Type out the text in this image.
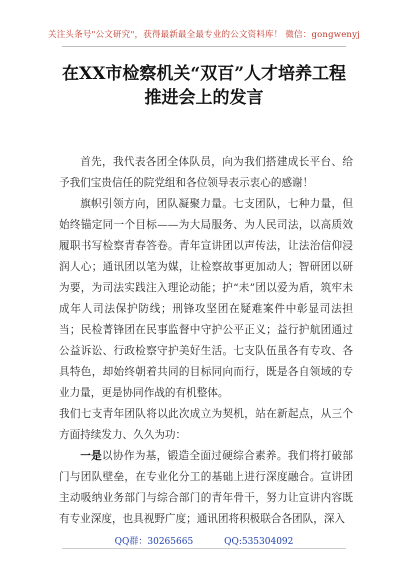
关注头条号"公文研究"，获得最新最全最专业的公文资料库！ 微信：gongwenyj
在XX市检察机关“双百”人才培养工程
推进会上的发言

首先，我代表各团全体队员，向为我们搭建成长平台、给予我们宝贵信任的院党组和各位领导表示衷心的感谢！

旗帜引领方向，团队凝聚力量。七支团队，七种力量，但始终锚定同一个目标——为大局服务、为人民司法，以高质效履职书写检察青春答卷。青年宣讲团以声传法，让法治信仰浸润人心；通讯团以笔为媒，让检察故事更加动人；智研团以研为要，为司法实践注入理论动能；护“未”团以爱为盾，筑牢未成年人司法保护防线；刑锋攻坚团在疑难案件中彰显司法担当；民检菁锋团在民事监督中守护公平正义；益行护航团通过公益诉讼、行政检察守护美好生活。七支队伍虽各有专攻、各具特色，却始终朝着共同的目标同向而行，既是各自领域的专业力量，更是协同作战的有机整体。

我们七支青年团队将以此次成立为契机，站在新起点，从三个方面持续发力、久久为功：

一是以协作为基，锻造全面过硬综合素养。我们将打破部门与团队壁垒，在专业化分工的基础上进行深度融合。宣讲团主动吸纳业务部门与综合部门的青年骨干，努力让宣讲内容既有专业深度，也具视野广度；通讯团将积极联合各团队，深入

QQ群：30265665	QQ:535304092
